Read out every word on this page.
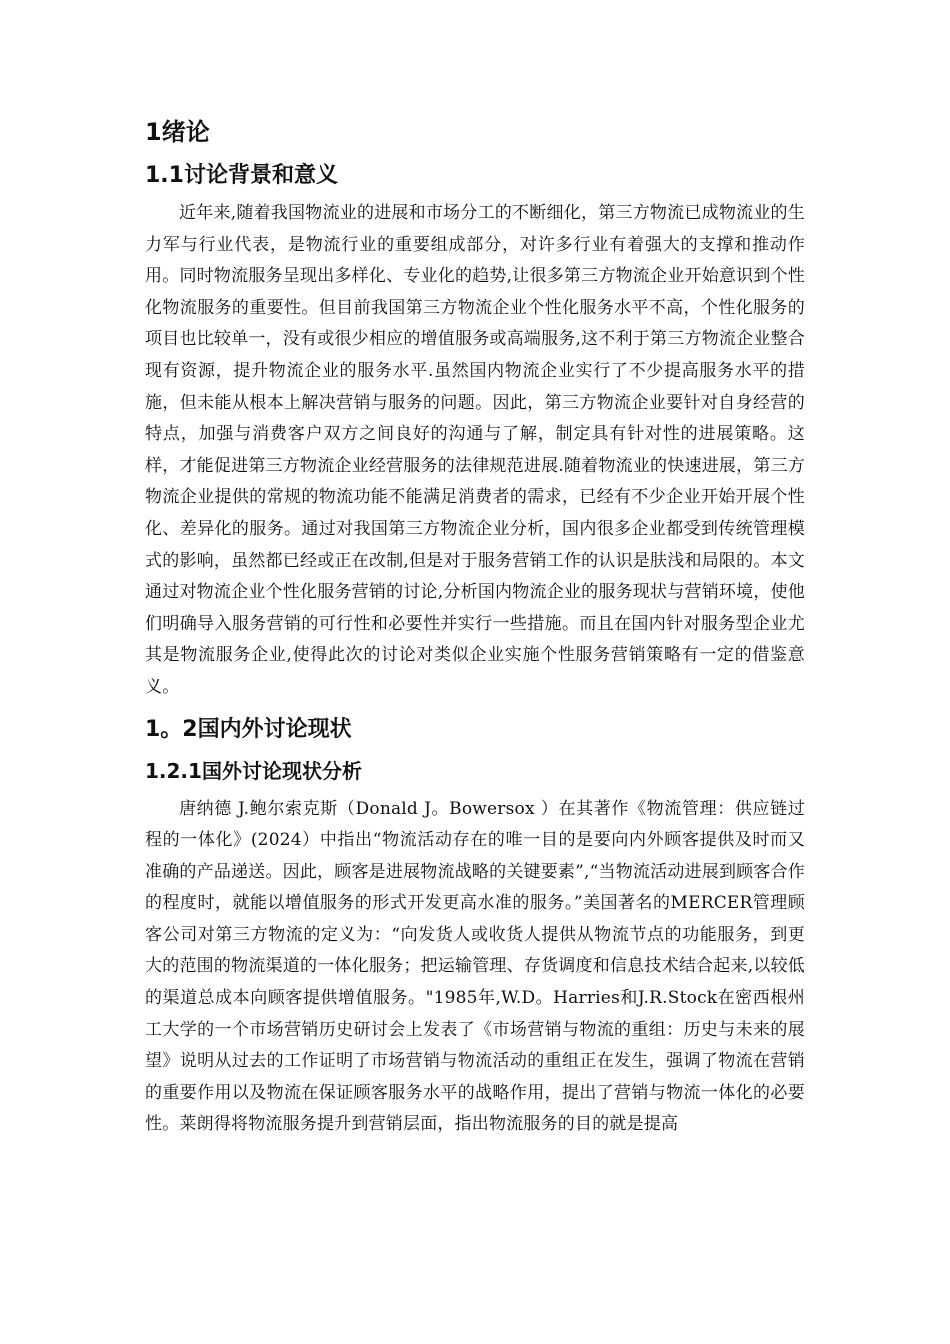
1绪论
1.1讨论背景和意义

近年来,随着我国物流业的进展和市场分工的不断细化，第三方物流已成物流业的生力军与行业代表，是物流行业的重要组成部分，对许多行业有着强大的支撑和推动作用。同时物流服务呈现出多样化、专业化的趋势,让很多第三方物流企业开始意识到个性化物流服务的重要性。但目前我国第三方物流企业个性化服务水平不高，个性化服务的项目也比较单一，没有或很少相应的增值服务或高端服务,这不利于第三方物流企业整合现有资源，提升物流企业的服务水平.虽然国内物流企业实行了不少提高服务水平的措施，但未能从根本上解决营销与服务的问题。因此，第三方物流企业要针对自身经营的特点，加强与消费客户双方之间良好的沟通与了解，制定具有针对性的进展策略。这样，才能促进第三方物流企业经营服务的法律规范进展.随着物流业的快速进展，第三方物流企业提供的常规的物流功能不能满足消费者的需求，已经有不少企业开始开展个性化、差异化的服务。通过对我国第三方物流企业分析，国内很多企业都受到传统管理模式的影响，虽然都已经或正在改制,但是对于服务营销工作的认识是肤浅和局限的。本文通过对物流企业个性化服务营销的讨论,分析国内物流企业的服务现状与营销环境，使他们明确导入服务营销的可行性和必要性并实行一些措施。而且在国内针对服务型企业尤其是物流服务企业,使得此次的讨论对类似企业实施个性服务营销策略有一定的借鉴意义。

1。2国内外讨论现状
1.2.1国外讨论现状分析

唐纳德 J.鲍尔索克斯（Donald J。Bowersox ）在其著作《物流管理：供应链过程的一体化》(2024）中指出“物流活动存在的唯一目的是要向内外顾客提供及时而又准确的产品递送。因此，顾客是进展物流战略的关键要素”,“当物流活动进展到顾客合作的程度时，就能以增值服务的形式开发更高水准的服务。”美国著名的MERCER管理顾客公司对第三方物流的定义为：“向发货人或收货人提供从物流节点的功能服务，到更大的范围的物流渠道的一体化服务；把运输管理、存货调度和信息技术结合起来,以较低的渠道总成本向顾客提供增值服务。"1985年,W.D。Harries和J.R.Stock在密西根州工大学的一个市场营销历史研讨会上发表了《市场营销与物流的重组：历史与未来的展望》说明从过去的工作证明了市场营销与物流活动的重组正在发生，强调了物流在营销的重要作用以及物流在保证顾客服务水平的战略作用，提出了营销与物流一体化的必要性。莱朗得将物流服务提升到营销层面，指出物流服务的目的就是提高
